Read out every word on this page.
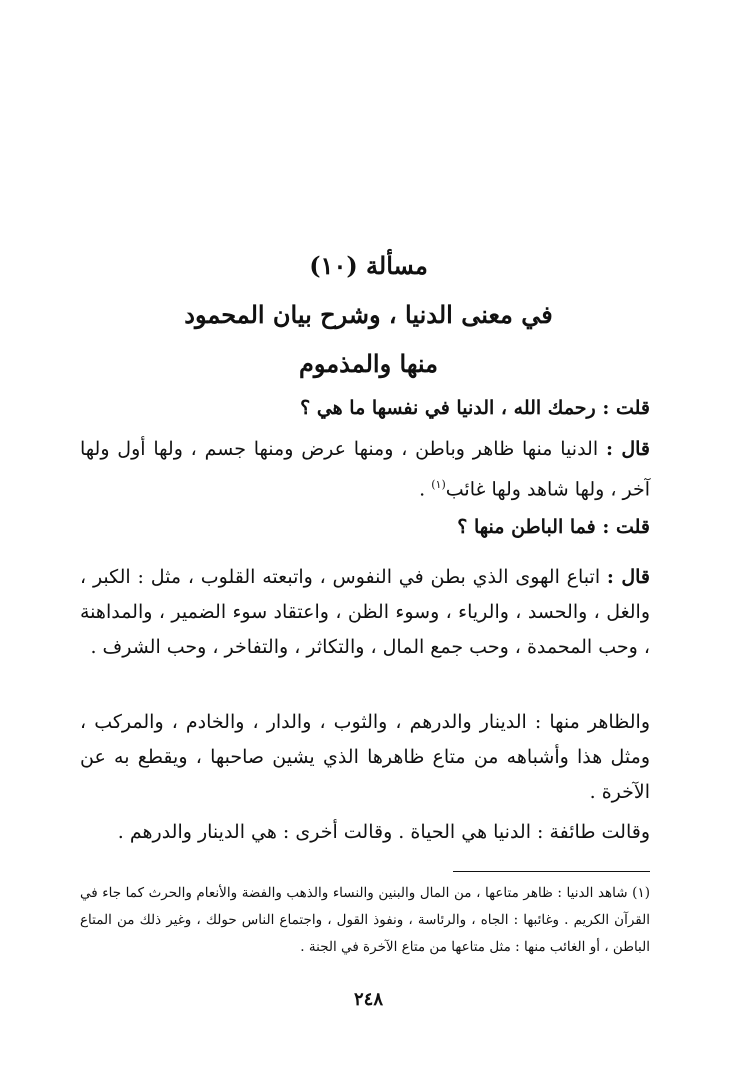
مسألة (١٠)
في معنى الدنيا ، وشرح بيان المحمود
منها والمذموم
قلت : رحمك الله ، الدنيا في نفسها ما هي ؟
قال : الدنيا منها ظاهر وباطن ، ومنها عرض ومنها جسم ، ولها أول ولها آخر ، ولها شاهد ولها غائب$^{(١)}$ .
قلت : فما الباطن منها ؟
قال : اتباع الهوى الذي بطن في النفوس ، واتبعته القلوب ، مثل : الكبر ، والغل ، والحسد ، والرياء ، وسوء الظن ، واعتقاد سوء الضمير ، والمداهنة ، وحب المحمدة ، وحب جمع المال ، والتكاثر ، والتفاخر ، وحب الشرف .
والظاهر منها : الدينار والدرهم ، والثوب ، والدار ، والخادم ، والمركب ، ومثل هذا وأشباهه من متاع ظاهرها الذي يشين صاحبها ، ويقطع به عن الآخرة .
وقالت طائفة : الدنيا هي الحياة . وقالت أخرى : هي الدينار والدرهم .
(١) شاهد الدنيا : ظاهر متاعها ، من المال والبنين والنساء والذهب والفضة والأنعام والحرث كما جاء في القرآن الكريم . وغائبها : الجاه ، والرئاسة ، ونفوذ القول ، واجتماع الناس حولك ، وغير ذلك من المتاع الباطن ، أو الغائب منها : مثل متاعها من متاع الآخرة في الجنة .
٢٤٨
